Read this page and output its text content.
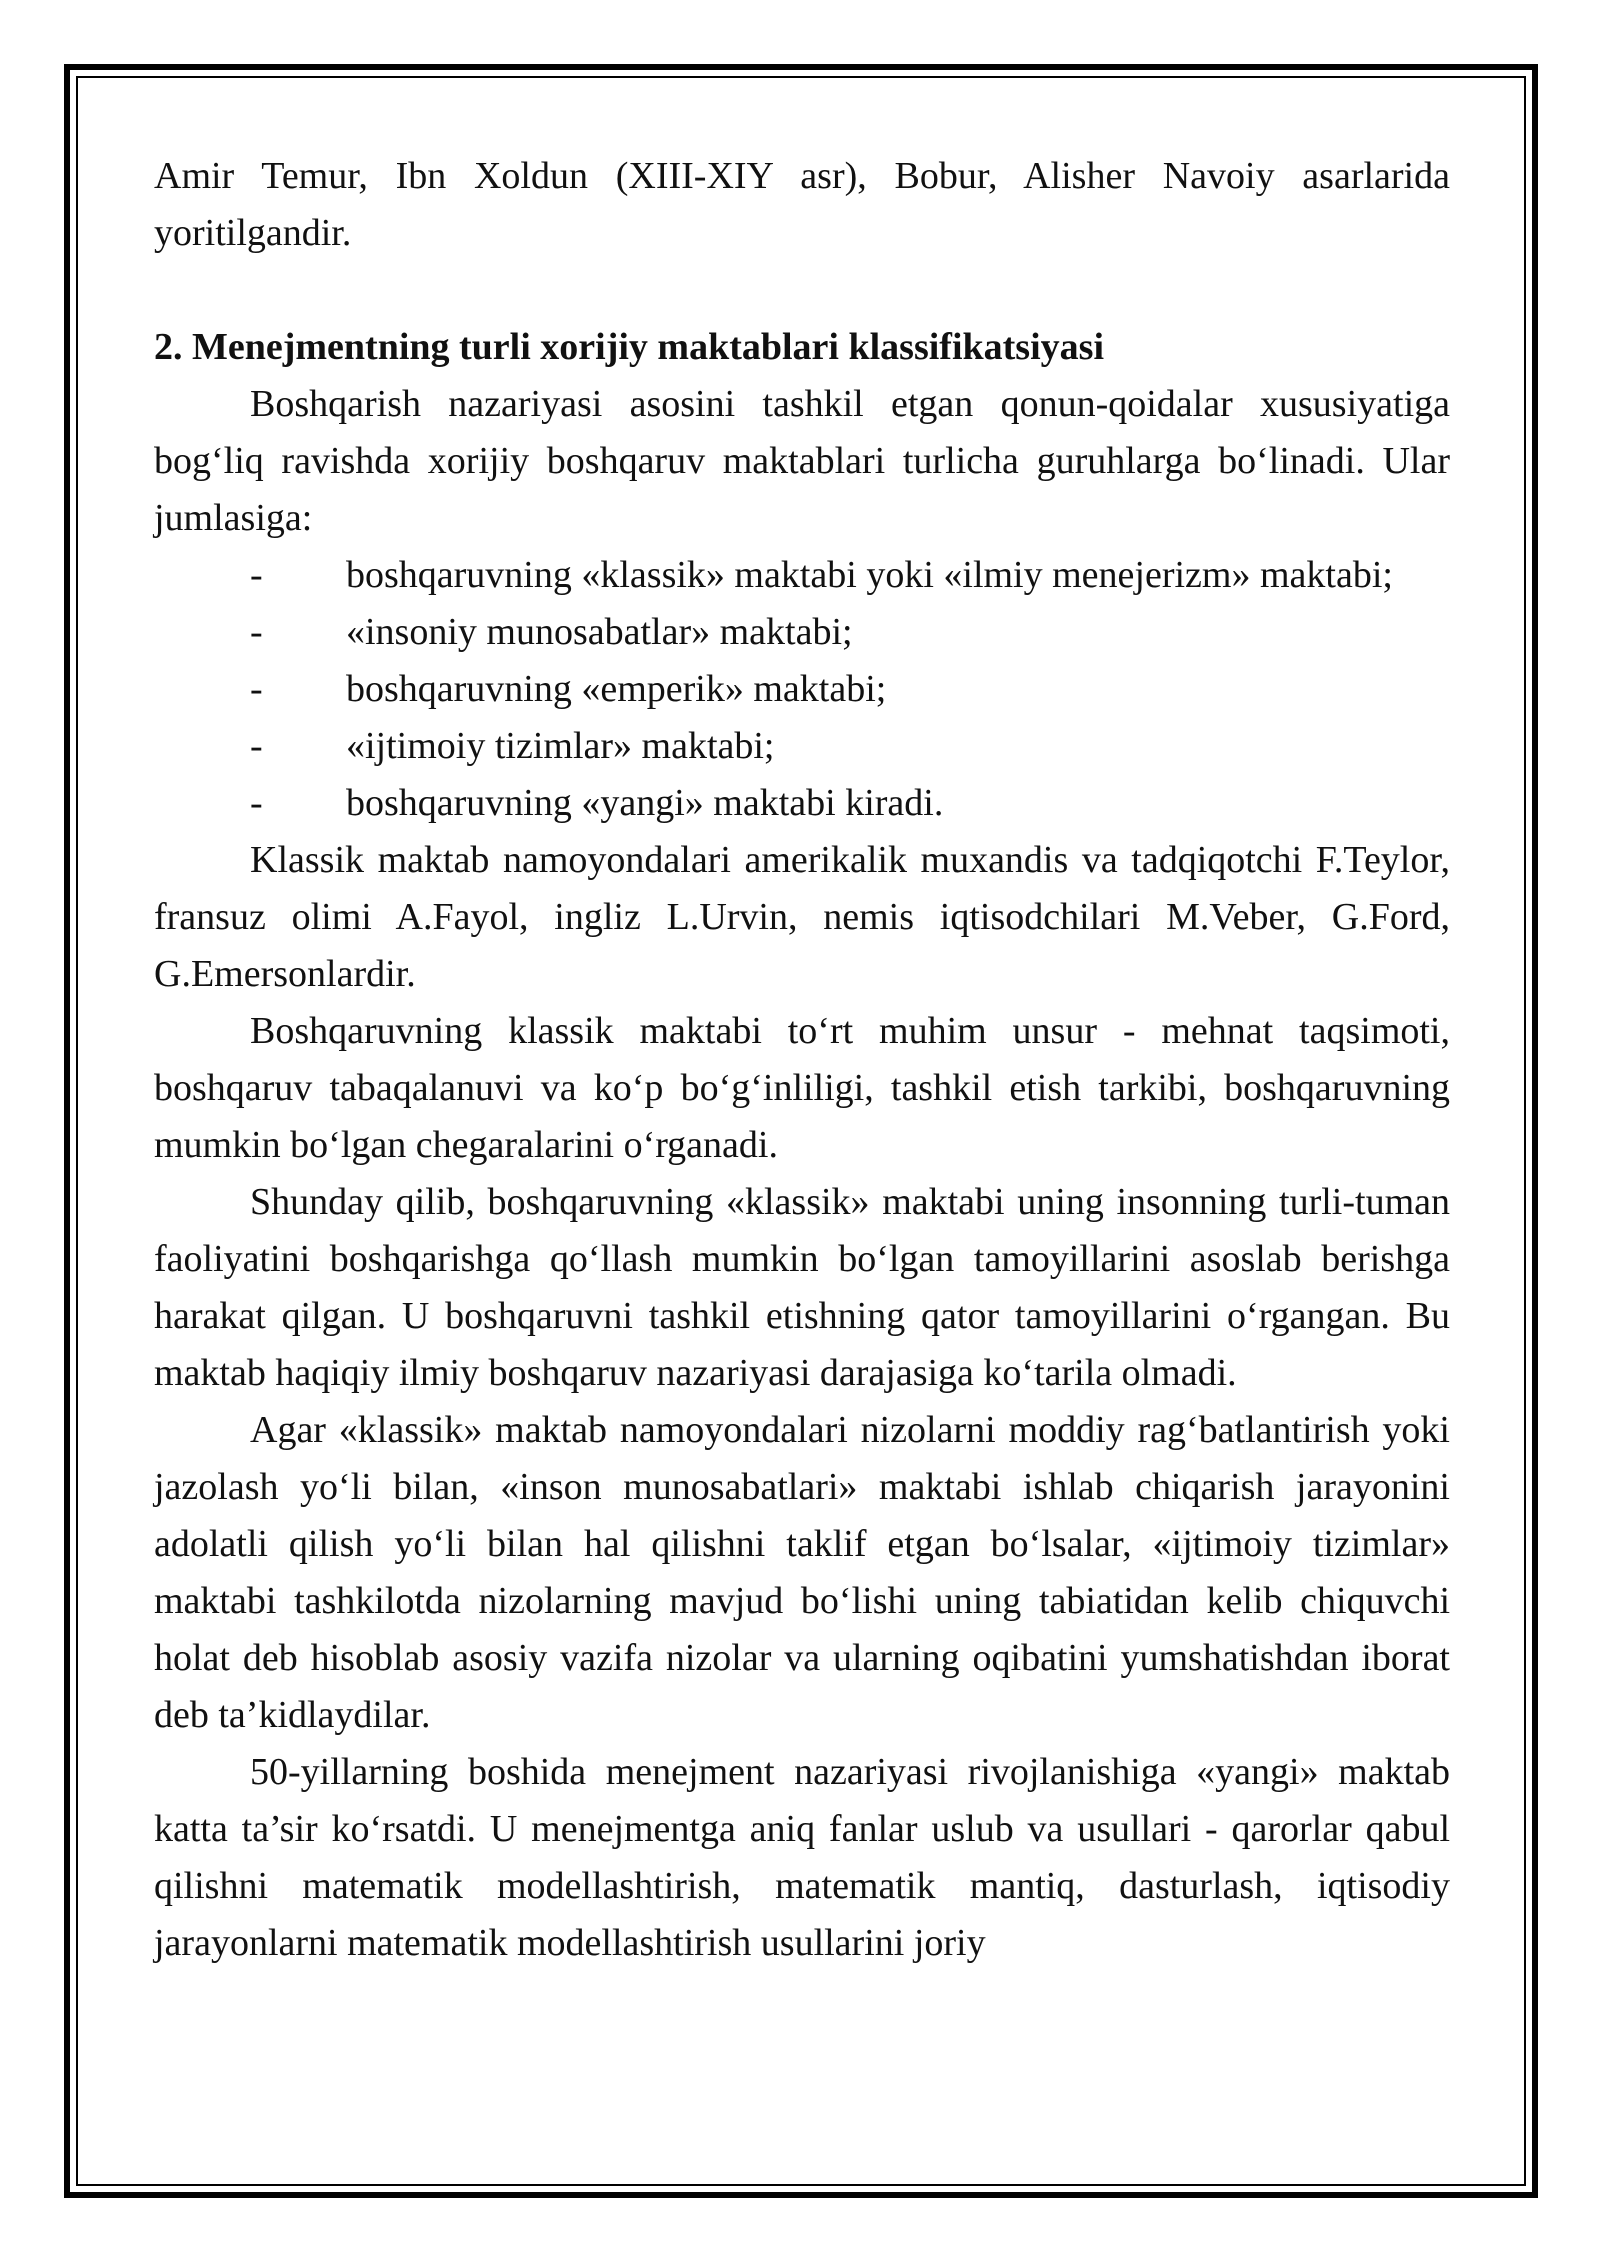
Amir Temur, Ibn Xoldun (XIII-XIY asr), Bobur, Alisher Navoiy asarlarida yoritilgandir.

2. Menejmentning turli xorijiy maktablari klassifikatsiyasi

Boshqarish nazariyasi asosini tashkil etgan qonun-qoidalar xususiyatiga bog‘liq ravishda xorijiy boshqaruv maktablari turlicha guruhlarga bo‘linadi. Ular jumlasiga:

- boshqaruvning «klassik» maktabi yoki «ilmiy menejerizm» maktabi;

-	«insoniy munosabatlar» maktabi;

-	boshqaruvning «emperik» maktabi;

-	«ijtimoiy tizimlar» maktabi;

-	boshqaruvning «yangi» maktabi kiradi.

Klassik maktab namoyondalari amerikalik muxandis va tadqiqotchi F.Teylor, fransuz olimi A.Fayol, ingliz L.Urvin, nemis iqtisodchilari M.Veber, G.Ford, G.Emersonlardir.

Boshqaruvning klassik maktabi to‘rt muhim unsur - mehnat taqsimoti, boshqaruv tabaqalanuvi va ko‘p bo‘g‘inliligi, tashkil etish tarkibi, boshqaruvning mumkin bo‘lgan chegaralarini o‘rganadi.

Shunday qilib, boshqaruvning «klassik» maktabi uning insonning turli-tuman faoliyatini boshqarishga qo‘llash mumkin bo‘lgan tamoyillarini asoslab berishga harakat qilgan. U boshqaruvni tashkil etishning qator tamoyillarini o‘rgangan. Bu maktab haqiqiy ilmiy boshqaruv nazariyasi darajasiga ko‘tarila olmadi.

Agar «klassik» maktab namoyondalari nizolarni moddiy rag‘batlantirish yoki jazolash yo‘li bilan, «inson munosabatlari» maktabi ishlab chiqarish jarayonini adolatli qilish yo‘li bilan hal qilishni taklif etgan bo‘lsalar, «ijtimoiy tizimlar» maktabi tashkilotda nizolarning mavjud bo‘lishi uning tabiatidan kelib chiquvchi holat deb hisoblab asosiy vazifa nizolar va ularning oqibatini yumshatishdan iborat deb ta’kidlaydilar.

50-yillarning boshida menejment nazariyasi rivojlanishiga «yangi» maktab katta ta’sir ko‘rsatdi. U menejmentga aniq fanlar uslub va usullari - qarorlar qabul qilishni matematik modellashtirish, matematik mantiq, dasturlash, iqtisodiy jarayonlarni matematik modellashtirish usullarini joriy
